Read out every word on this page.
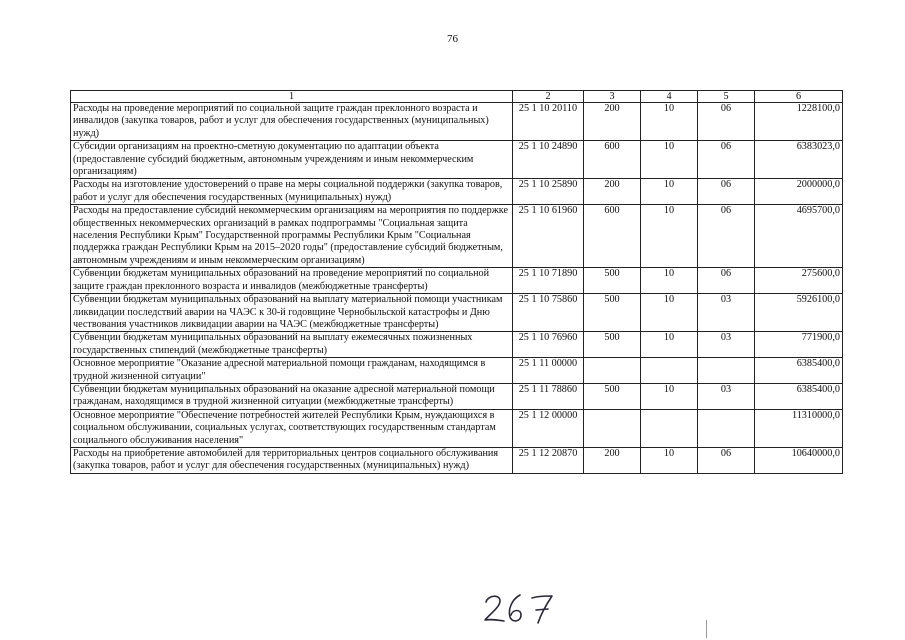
76
1	2	3	4	5	6
Расходы на проведение мероприятий по социальной защите граждан преклонного возраста и инвалидов (закупка товаров, работ и услуг для обеспечения государственных (муниципальных) нужд)	25 1 10 20110	200	10	06	1228100,0
Субсидии организациям на проектно-сметную документацию по адаптации объекта (предоставление субсидий бюджетным, автономным учреждениям и иным некоммерческим организациям)	25 1 10 24890	600	10	06	6383023,0
Расходы на изготовление удостоверений о праве на меры социальной поддержки (закупка товаров, работ и услуг для обеспечения государственных (муниципальных) нужд)	25 1 10 25890	200	10	06	2000000,0
Расходы на предоставление субсидий некоммерческим организациям на мероприятия по поддержке общественных некоммерческих организаций в рамках подпрограммы "Социальная защита населения Республики Крым" Государственной программы Республики Крым "Социальная поддержка граждан Республики Крым на 2015–2020 годы" (предоставление субсидий бюджетным, автономным учреждениям и иным некоммерческим организациям)	25 1 10 61960	600	10	06	4695700,0
Субвенции бюджетам муниципальных образований на проведение мероприятий по социальной защите граждан преклонного возраста и инвалидов (межбюджетные трансферты)	25 1 10 71890	500	10	06	275600,0
Субвенции бюджетам муниципальных образований на выплату материальной помощи участникам ликвидации последствий аварии на ЧАЭС к 30-й годовщине Чернобыльской катастрофы и Дню чествования участников ликвидации аварии на ЧАЭС (межбюджетные трансферты)	25 1 10 75860	500	10	03	5926100,0
Субвенции бюджетам муниципальных образований на выплату ежемесячных пожизненных государственных стипендий (межбюджетные трансферты)	25 1 10 76960	500	10	03	771900,0
Основное мероприятие "Оказание адресной материальной помощи гражданам, находящимся в трудной жизненной ситуации"	25 1 11 00000				6385400,0
Субвенции бюджетам муниципальных образований на оказание адресной материальной помощи гражданам, находящимся в трудной жизненной ситуации (межбюджетные трансферты)	25 1 11 78860	500	10	03	6385400,0
Основное мероприятие "Обеспечение потребностей жителей Республики Крым, нуждающихся в социальном обслуживании, социальных услугах, соответствующих государственным стандартам социального обслуживания населения"	25 1 12 00000				11310000,0
Расходы на приобретение автомобилей для территориальных центров социального обслуживания (закупка товаров, работ и услуг для обеспечения государственных (муниципальных) нужд)	25 1 12 20870	200	10	06	10640000,0
